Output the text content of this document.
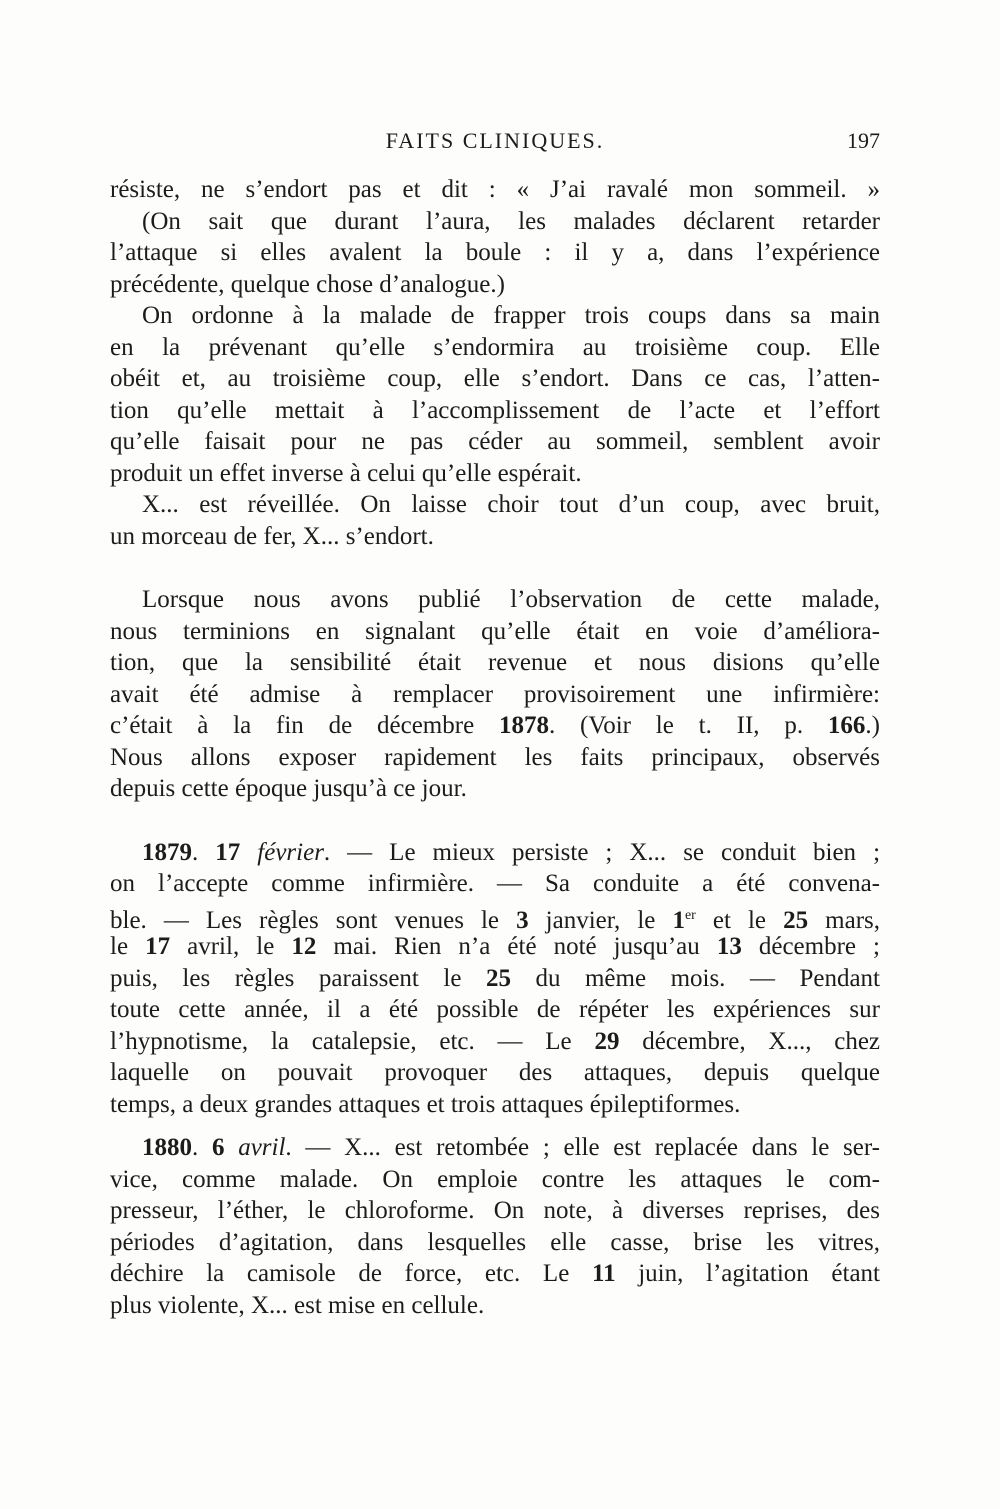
FAITS CLINIQUES.	197
résiste, ne s’endort pas et dit : « J’ai ravalé mon sommeil. »
(On sait que durant l’aura, les malades déclarent retarder
l’attaque si elles avalent la boule : il y a, dans l’expérience
précédente, quelque chose d’analogue.)
On ordonne à la malade de frapper trois coups dans sa main
en la prévenant qu’elle s’endormira au troisième coup. Elle
obéit et, au troisième coup, elle s’endort. Dans ce cas, l’atten-
tion qu’elle mettait à l’accomplissement de l’acte et l’effort
qu’elle faisait pour ne pas céder au sommeil, semblent avoir
produit un effet inverse à celui qu’elle espérait.
X... est réveillée. On laisse choir tout d’un coup, avec bruit,
un morceau de fer, X... s’endort.
Lorsque nous avons publié l’observation de cette malade,
nous terminions en signalant qu’elle était en voie d’améliora-
tion, que la sensibilité était revenue et nous disions qu’elle
avait été admise à remplacer provisoirement une infirmière:
c’était à la fin de décembre 1878. (Voir le t. II, p. 166.)
Nous allons exposer rapidement les faits principaux, observés
depuis cette époque jusqu’à ce jour.
1879. 17 février. — Le mieux persiste ; X... se conduit bien ;
on l’accepte comme infirmière. — Sa conduite a été convena-
ble. — Les règles sont venues le 3 janvier, le 1er et le 25 mars,
le 17 avril, le 12 mai. Rien n’a été noté jusqu’au 13 décembre ;
puis, les règles paraissent le 25 du même mois. — Pendant
toute cette année, il a été possible de répéter les expériences sur
l’hypnotisme, la catalepsie, etc. — Le 29 décembre, X..., chez
laquelle on pouvait provoquer des attaques, depuis quelque
temps, a deux grandes attaques et trois attaques épileptiformes.
1880. 6 avril. — X... est retombée ; elle est replacée dans le ser-
vice, comme malade. On emploie contre les attaques le com-
presseur, l’éther, le chloroforme. On note, à diverses reprises, des
périodes d’agitation, dans lesquelles elle casse, brise les vitres,
déchire la camisole de force, etc. Le 11 juin, l’agitation étant
plus violente, X... est mise en cellule.
